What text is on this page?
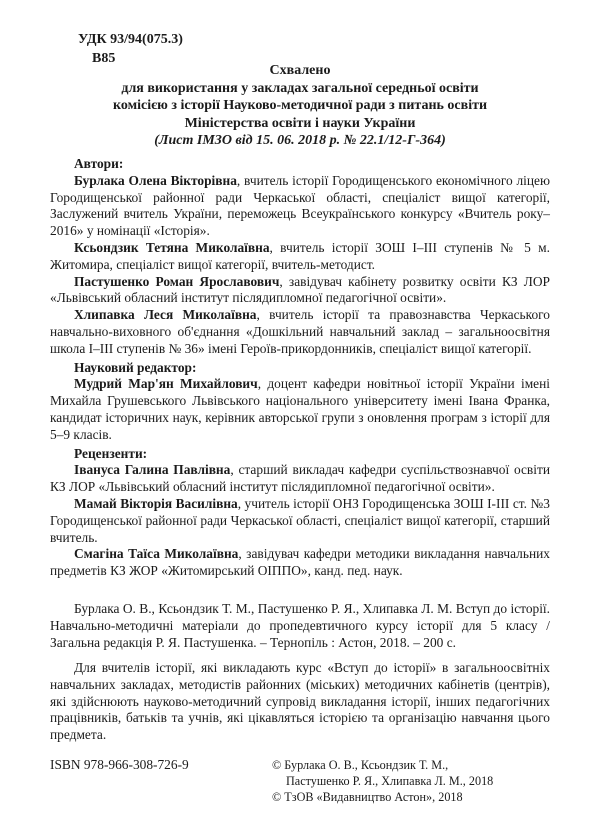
УДК 93/94(075.3)
В85
Схвалено
для використання у закладах загальної середньої освіти
комісією з історії Науково-методичної ради з питань освіти
Міністерства освіти і науки України
(Лист ІМЗО від 15. 06. 2018 р. № 22.1/12-Г-364)
Автори:
Бурлака Олена Вікторівна, вчитель історії Городищенського економічного ліцею Городищенської районної ради Черкаської області, спеціаліст вищої категорії, Заслужений вчитель України, переможець Всеукраїнського конкурсу «Вчитель року–2016» у номінації «Історія».
Ксьондзик Тетяна Миколаївна, вчитель історії ЗОШ І–ІІІ ступенів № 5 м. Житомира, спеціаліст вищої категорії, вчитель-методист.
Пастушенко Роман Ярославович, завідувач кабінету розвитку освіти КЗ ЛОР «Львівський обласний інститут післядипломної педагогічної освіти».
Хлипавка Леся Миколаївна, вчитель історії та правознавства Черкаського навчально-виховного об'єднання «Дошкільний навчальний заклад – загальноосвітня школа І–ІІІ ступенів № 36» імені Героїв-прикордонників, спеціаліст вищої категорії.
Науковий редактор:
Мудрий Мар'ян Михайлович, доцент кафедри новітньої історії України імені Михайла Грушевського Львівського національного університету імені Івана Франка, кандидат історичних наук, керівник авторської групи з оновлення програм з історії для 5–9 класів.
Рецензенти:
Івануса Галина Павлівна, старший викладач кафедри суспільствознавчої освіти КЗ ЛОР «Львівський обласний інститут післядипломної педагогічної освіти».
Мамай Вікторія Василівна, учитель історії ОНЗ Городищенська ЗОШ І-ІІІ ст. №3 Городищенської районної ради Черкаської області, спеціаліст вищої категорії, старший вчитель.
Смагіна Таїса Миколаївна, завідувач кафедри методики викладання навчальних предметів КЗ ЖОР «Житомирський ОІППО», канд. пед. наук.
Бурлака О. В., Ксьондзик Т. М., Пастушенко Р. Я., Хлипавка Л. М. Вступ до історії. Навчально-методичні матеріали до пропедевтичного курсу історії для 5 класу / Загальна редакція Р. Я. Пастушенка. – Тернопіль : Астон, 2018. – 200 с.
Для вчителів історії, які викладають курс «Вступ до історії» в загальноосвітніх навчальних закладах, методистів районних (міських) методичних кабінетів (центрів), які здійснюють науково-методичний супровід викладання історії, інших педагогічних працівників, батьків та учнів, які цікавляться історією та організацію навчання цього предмета.
ISBN 978-966-308-726-9	© Бурлака О. В., Ксьондзик Т. М.,
Пастушенко Р. Я., Хлипавка Л. М., 2018
© ТзОВ «Видавництво Астон», 2018
